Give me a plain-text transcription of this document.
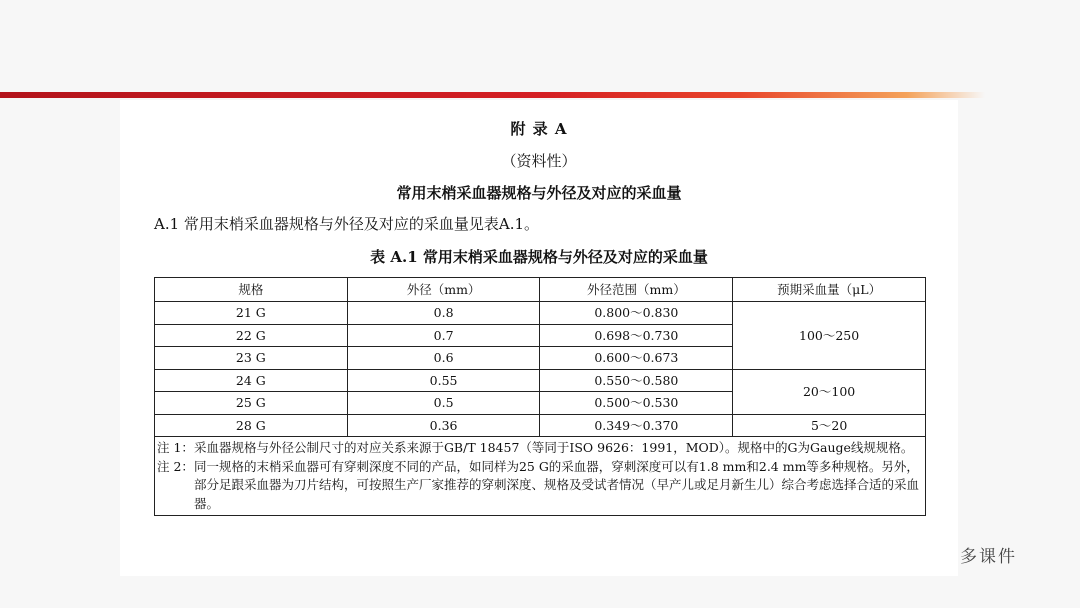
附 录 A
（资料性）
常用末梢采血器规格与外径及对应的采血量
A.1 常用末梢采血器规格与外径及对应的采血量见表A.1。
表 A.1 常用末梢采血器规格与外径及对应的采血量
规格	外径（mm）	外径范围（mm）	预期采血量（μL）
21 G	0.8	0.800～0.830	100～250
22 G	0.7	0.698～0.730	
23 G	0.6	0.600～0.673	
24 G	0.55	0.550～0.580	20～100
25 G	0.5	0.500～0.530	
28 G	0.36	0.349～0.370	5～20

注 1： 采血器规格与外径公制尺寸的对应关系来源于GB/T 18457（等同于ISO 9626：1991，MOD）。规格中的G为Gauge线规规格。
注 2： 同一规格的末梢采血器可有穿刺深度不同的产品，如同样为25 G的采血器，穿刺深度可以有1.8 mm和2.4 mm等多种规格。另外，部分足跟采血器为刀片结构，可按照生产厂家推荐的穿刺深度、规格及受试者情况（早产儿或足月新生儿）综合考虑选择合适的采血器。			
多课件
